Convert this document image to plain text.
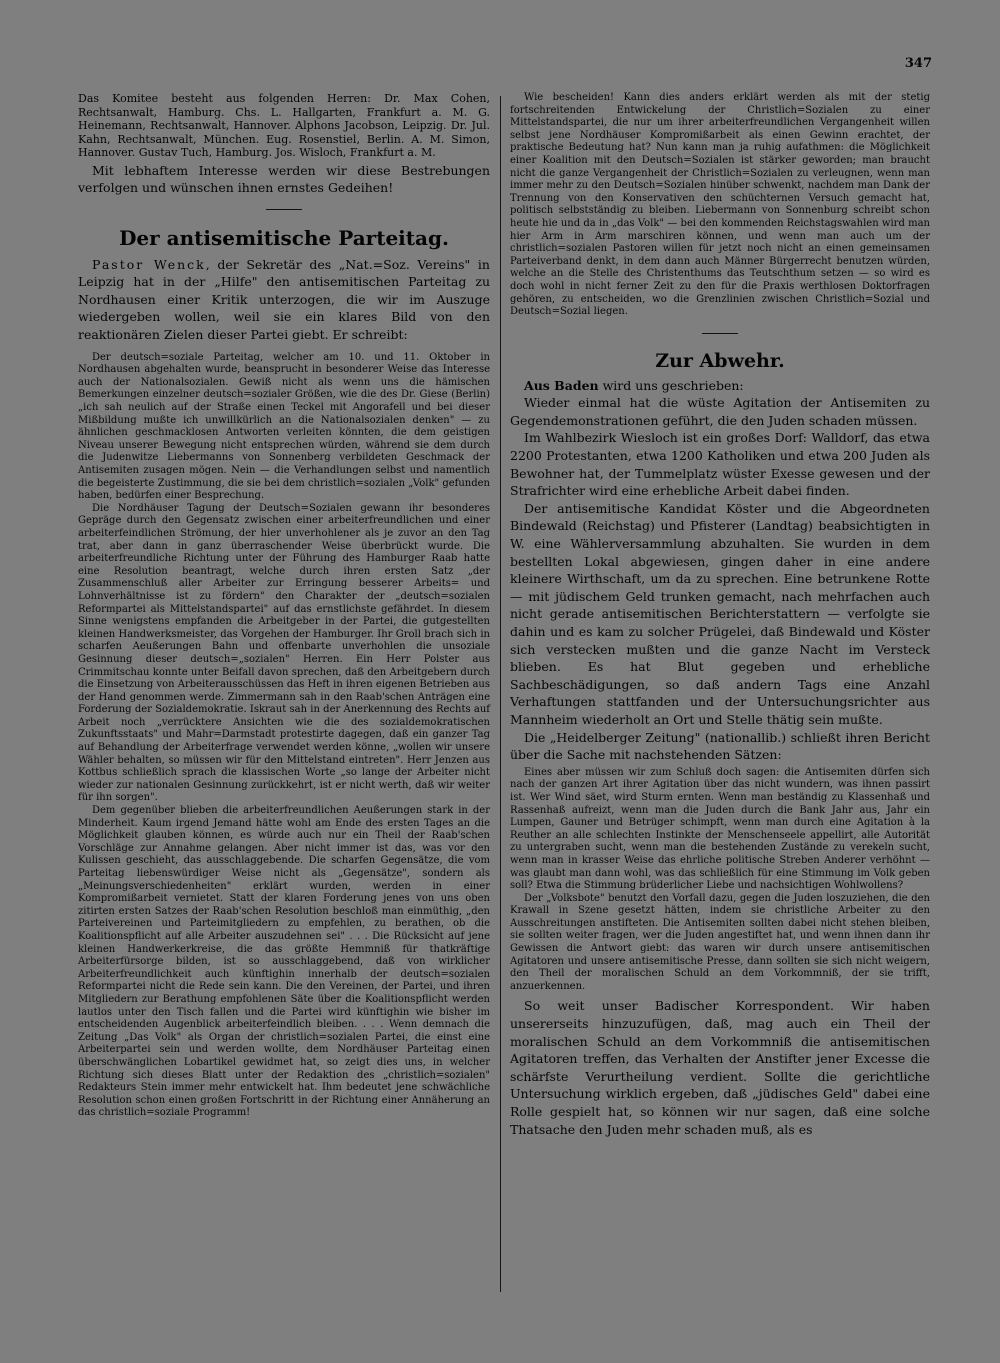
347

Das Komitee besteht aus folgenden Herren: Dr. Max Cohen, Rechtsanwalt, Hamburg. Chs. L. Hallgarten, Frankfurt a. M. G. Heinemann, Rechtsanwalt, Hannover. Alphons Jacobson, Leipzig. Dr. Jul. Kahn, Rechtsanwalt, München. Eug. Rosenstiel, Berlin. A. M. Simon, Hannover. Gustav Tuch, Hamburg. Jos. Wisloch, Frankfurt a. M.

Mit lebhaftem Interesse werden wir diese Bestrebungen verfolgen und wünschen ihnen ernstes Gedeihen!

Der antisemitische Parteitag.

Pastor Wenck, der Sekretär des „Nat.=Soz. Vereins" in Leipzig hat in der „Hilfe" den antisemitischen Parteitag zu Nordhausen einer Kritik unterzogen, die wir im Auszuge wiedergeben wollen, weil sie ein klares Bild von den reaktionären Zielen dieser Partei giebt. Er schreibt:

Der deutsch=soziale Parteitag, welcher am 10. und 11. Oktober in Nordhausen abgehalten wurde, beansprucht in besonderer Weise das Interesse auch der Nationalsozialen. Gewiß nicht als wenn uns die hämischen Bemerkungen einzelner deutsch=sozialer Größen, wie die des Dr. Giese (Berlin) „ich sah neulich auf der Straße einen Teckel mit Angorafell und bei dieser Mißbildung mußte ich unwillkürlich an die Nationalsozialen denken" — zu ähnlichen geschmacklosen Antworten verleiten könnten, die dem geistigen Niveau unserer Bewegung nicht entsprechen würden, während sie dem durch die Judenwitze Liebermanns von Sonnenberg verbildeten Geschmack der Antisemiten zusagen mögen. Nein — die Verhandlungen selbst und namentlich die begeisterte Zustimmung, die sie bei dem christlich=sozialen „Volk" gefunden haben, bedürfen einer Besprechung.

Die Nordhäuser Tagung der Deutsch=Sozialen gewann ihr besonderes Gepräge durch den Gegensatz zwischen einer arbeiterfreundlichen und einer arbeiterfeindlichen Strömung, der hier unverhohlener als je zuvor an den Tag trat, aber dann in ganz überraschender Weise überbrückt wurde. Die arbeiterfreundliche Richtung unter der Führung des Hamburger Raab hatte eine Resolution beantragt, welche durch ihren ersten Satz „der Zusammenschluß aller Arbeiter zur Erringung besserer Arbeits= und Lohnverhältnisse ist zu fördern" den Charakter der „deutsch=sozialen Reformpartei als Mittelstandspartei" auf das ernstlichste gefährdet. In diesem Sinne wenigstens empfanden die Arbeitgeber in der Partei, die gutgestellten kleinen Handwerksmeister, das Vorgehen der Hamburger. Ihr Groll brach sich in scharfen Aeußerungen Bahn und offenbarte unverhohlen die unsoziale Gesinnung dieser deutsch=„sozialen" Herren. Ein Herr Polster aus Crimmitschau konnte unter Beifall davon sprechen, daß den Arbeitgebern durch die Einsetzung von Arbeiterausschüssen das Heft in ihren eigenen Betrieben aus der Hand genommen werde. Zimmermann sah in den Raab'schen Anträgen eine Forderung der Sozialdemokratie. Iskraut sah in der Anerkennung des Rechts auf Arbeit noch „verrücktere Ansichten wie die des sozialdemokratischen Zukunftsstaats" und Mahr=Darmstadt protestirte dagegen, daß ein ganzer Tag auf Behandlung der Arbeiterfrage verwendet werden könne, „wollen wir unsere Wähler behalten, so müssen wir für den Mittelstand eintreten". Herr Jenzen aus Kottbus schließlich sprach die klassischen Worte „so lange der Arbeiter nicht wieder zur nationalen Gesinnung zurückkehrt, ist er nicht werth, daß wir weiter für ihn sorgen".

Dem gegenüber blieben die arbeiterfreundlichen Aeußerungen stark in der Minderheit. Kaum irgend Jemand hätte wohl am Ende des ersten Tages an die Möglichkeit glauben können, es würde auch nur ein Theil der Raab'schen Vorschläge zur Annahme gelangen. Aber nicht immer ist das, was vor den Kulissen geschieht, das ausschlaggebende. Die scharfen Gegensätze, die vom Parteitag liebenswürdiger Weise nicht als „Gegensätze", sondern als „Meinungsverschiedenheiten" erklärt wurden, werden in einer Kompromißarbeit vernietet. Statt der klaren Forderung jenes von uns oben zitirten ersten Satzes der Raab'schen Resolution beschloß man einmüthig, „den Parteivereinen und Parteimitgliedern zu empfehlen, zu berathen, ob die Koalitionspflicht auf alle Arbeiter auszudehnen sei" . . . Die Rücksicht auf jene kleinen Handwerkerkreise, die das größte Hemmniß für thatkräftige Arbeiterfürsorge bilden, ist so ausschlaggebend, daß von wirklicher Arbeiterfreundlichkeit auch künftighin innerhalb der deutsch=sozialen Reformpartei nicht die Rede sein kann. Die den Vereinen, der Partei, und ihren Mitgliedern zur Berathung empfohlenen Säte über die Koalitionspflicht werden lautlos unter den Tisch fallen und die Partei wird künftighin wie bisher im entscheidenden Augenblick arbeiterfeindlich bleiben. . . . Wenn demnach die Zeitung „Das Volk" als Organ der christlich=sozialen Partei, die einst eine Arbeiterpartei sein und werden wollte, dem Nordhäuser Parteitag einen überschwänglichen Lobartikel gewidmet hat, so zeigt dies uns, in welcher Richtung sich dieses Blatt unter der Redaktion des „christlich=sozialen" Redakteurs Stein immer mehr entwickelt hat. Ihm bedeutet jene schwächliche Resolution schon einen großen Fortschritt in der Richtung einer Annäherung an das christlich=soziale Programm!

Wie bescheiden! Kann dies anders erklärt werden als mit der stetig fortschreitenden Entwickelung der Christlich=Sozialen zu einer Mittelstandspartei, die nur um ihrer arbeiterfreundlichen Vergangenheit willen selbst jene Nordhäuser Kompromißarbeit als einen Gewinn erachtet, der praktische Bedeutung hat? Nun kann man ja ruhig aufathmen: die Möglichkeit einer Koalition mit den Deutsch=Sozialen ist stärker geworden; man braucht nicht die ganze Vergangenheit der Christlich=Sozialen zu verleugnen, wenn man immer mehr zu den Deutsch=Sozialen hinüber schwenkt, nachdem man Dank der Trennung von den Konservativen den schüchternen Versuch gemacht hat, politisch selbstständig zu bleiben. Liebermann von Sonnenburg schreibt schon heute hie und da in „das Volk" — bei den kommenden Reichstagswahlen wird man hier Arm in Arm marschiren können, und wenn man auch um der christlich=sozialen Pastoren willen für jetzt noch nicht an einen gemeinsamen Parteiverband denkt, in dem dann auch Männer Bürgerrecht benutzen würden, welche an die Stelle des Christenthums das Teutschthum setzen — so wird es doch wohl in nicht ferner Zeit zu den für die Praxis werthlosen Doktorfragen gehören, zu entscheiden, wo die Grenzlinien zwischen Christlich=Sozial und Deutsch=Sozial liegen.

Zur Abwehr.

Aus Baden wird uns geschrieben:

Wieder einmal hat die wüste Agitation der Antisemiten zu Gegendemonstrationen geführt, die den Juden schaden müssen.

Im Wahlbezirk Wiesloch ist ein großes Dorf: Walldorf, das etwa 2200 Protestanten, etwa 1200 Katholiken und etwa 200 Juden als Bewohner hat, der Tummelplatz wüster Exesse gewesen und der Strafrichter wird eine erhebliche Arbeit dabei finden.

Der antisemitische Kandidat Köster und die Abgeordneten Bindewald (Reichstag) und Pfisterer (Landtag) beabsichtigten in W. eine Wählerversammlung abzuhalten. Sie wurden in dem bestellten Lokal abgewiesen, gingen daher in eine andere kleinere Wirthschaft, um da zu sprechen. Eine betrunkene Rotte — mit jüdischem Geld trunken gemacht, nach mehrfachen auch nicht gerade antisemitischen Berichterstattern — verfolgte sie dahin und es kam zu solcher Prügelei, daß Bindewald und Köster sich verstecken mußten und die ganze Nacht im Versteck blieben. Es hat Blut gegeben und erhebliche Sachbeschädigungen, so daß andern Tags eine Anzahl Verhaftungen stattfanden und der Untersuchungsrichter aus Mannheim wiederholt an Ort und Stelle thätig sein mußte.

Die „Heidelberger Zeitung" (nationallib.) schließt ihren Bericht über die Sache mit nachstehenden Sätzen:

Eines aber müssen wir zum Schluß doch sagen: die Antisemiten dürfen sich nach der ganzen Art ihrer Agitation über das nicht wundern, was ihnen passirt ist. Wer Wind säet, wird Sturm ernten. Wenn man beständig zu Klassenhaß und Rassenhaß aufreizt, wenn man die Juden durch die Bank Jahr aus, Jahr ein Lumpen, Gauner und Betrüger schimpft, wenn man durch eine Agitation à la Reuther an alle schlechten Instinkte der Menschenseele appellirt, alle Autorität zu untergraben sucht, wenn man die bestehenden Zustände zu verekeln sucht, wenn man in krasser Weise das ehrliche politische Streben Anderer verhöhnt — was glaubt man dann wohl, was das schließlich für eine Stimmung im Volk geben soll? Etwa die Stimmung brüderlicher Liebe und nachsichtigen Wohlwollens?

Der „Volksbote" benutzt den Vorfall dazu, gegen die Juden loszuziehen, die den Krawall in Szene gesetzt hätten, indem sie christliche Arbeiter zu den Ausschreitungen anstifteten. Die Antisemiten sollten dabei nicht stehen bleiben, sie sollten weiter fragen, wer die Juden angestiftet hat, und wenn ihnen dann ihr Gewissen die Antwort giebt: das waren wir durch unsere antisemitischen Agitatoren und unsere antisemitische Presse, dann sollten sie sich nicht weigern, den Theil der moralischen Schuld an dem Vorkommniß, der sie trifft, anzuerkennen.

So weit unser Badischer Korrespondent. Wir haben unsererseits hinzuzufügen, daß, mag auch ein Theil der moralischen Schuld an dem Vorkommniß die antisemitischen Agitatoren treffen, das Verhalten der Anstifter jener Excesse die schärfste Verurtheilung verdient. Sollte die gerichtliche Untersuchung wirklich ergeben, daß „jüdisches Geld" dabei eine Rolle gespielt hat, so können wir nur sagen, daß eine solche Thatsache den Juden mehr schaden muß, als es
